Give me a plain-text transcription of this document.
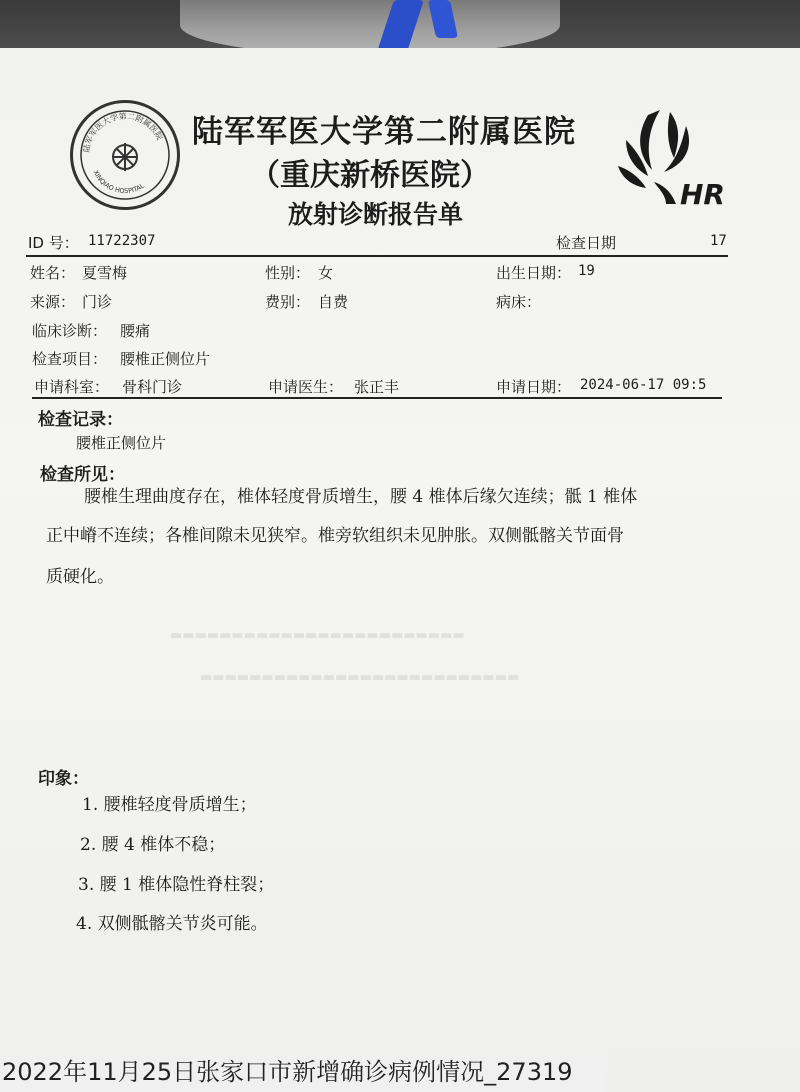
陆军军医大学第二附属医院
XINQIAO HOSPITAL	HR
陆军军医大学第二附属医院
（重庆新桥医院）
放射诊断报告单
ID 号： 11722307	检查日期	17
姓名： 夏雪梅	性别： 女	出生日期： 19
来源： 门诊	费别： 自费	病床：
临床诊断： 腰痛
检查项目： 腰椎正侧位片
申请科室： 骨科门诊	申请医生： 张正丰	申请日期： 2024-06-17 09:5
检查记录：
腰椎正侧位片
检查所见：
腰椎生理曲度存在，椎体轻度骨质增生，腰 4 椎体后缘欠连续；骶 1 椎体
正中嵴不连续；各椎间隙未见狭窄。椎旁软组织未见肿胀。双侧骶髂关节面骨
质硬化。
▬▬▬▬▬▬▬▬▬▬▬▬▬▬▬▬▬▬▬▬▬▬▬▬
▬▬▬▬▬▬▬▬▬▬▬▬▬▬▬▬▬▬▬▬▬▬▬▬▬▬
印象：
1. 腰椎轻度骨质增生；
2. 腰 4 椎体不稳；
3. 腰 1 椎体隐性脊柱裂；
4. 双侧骶髂关节炎可能。
2022年11月25日张家口市新增确诊病例情况_27319
